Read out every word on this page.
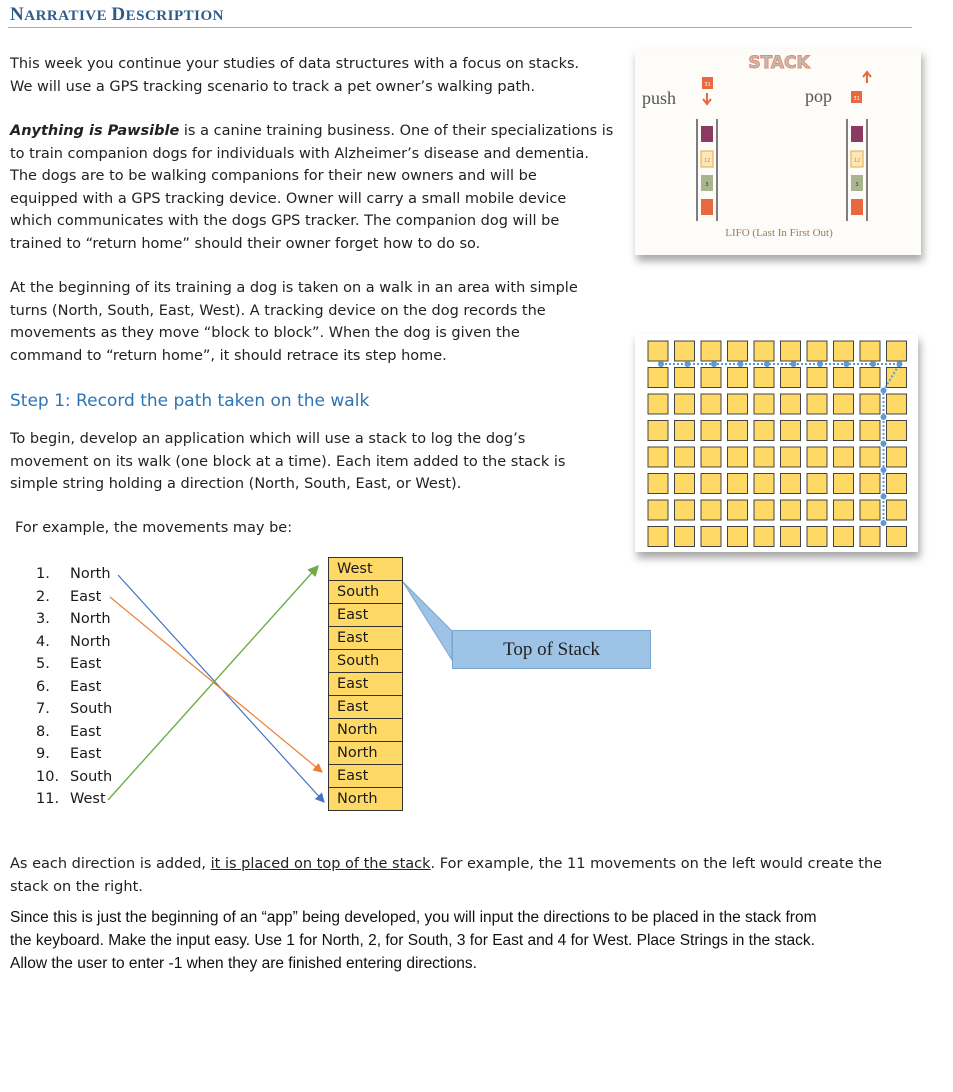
NARRATIVE DESCRIPTION
This week you continue your studies of data structures with a focus on stacks.
We will use a GPS tracking scenario to track a pet owner’s walking path.
Anything is Pawsible is a canine training business. One of their specializations is
to train companion dogs for individuals with Alzheimer’s disease and dementia.
The dogs are to be walking companions for their new owners and will be
equipped with a GPS tracking device. Owner will carry a small mobile device
which communicates with the dogs GPS tracker. The companion dog will be
trained to “return home” should their owner forget how to do so.
At the beginning of its training a dog is taken on a walk in an area with simple
turns (North, South, East, West). A tracking device on the dog records the
movements as they move “block to block”. When the dog is given the
command to “return home”, it should retrace its step home.
Step 1: Record the path taken on the walk
To begin, develop an application which will use a stack to log the dog’s
movement on its walk (one block at a time). Each item added to the stack is
simple string holding a direction (North, South, East, or West).
For example, the movements may be:
1.	North
2.	East
3.	North
4.	North
5.	East
6.	East
7.	South
8.	East
9.	East
10. South
11. West
West
South
East
East
South
East
East
North
North
East
North
Top of Stack
As each direction is added, it is placed on top of the stack. For example, the 11 movements on the left would create the
stack on the right.
Since this is just the beginning of an “app” being developed, you will input the directions to be placed in the stack from
the keyboard. Make the input easy. Use 1 for North, 2, for South, 3 for East and 4 for West. Place Strings in the stack.
Allow the user to enter -1 when they are finished entering directions.
STACK
push	pop
31
12
3
31
12
3
LIFO (Last In First Out)
